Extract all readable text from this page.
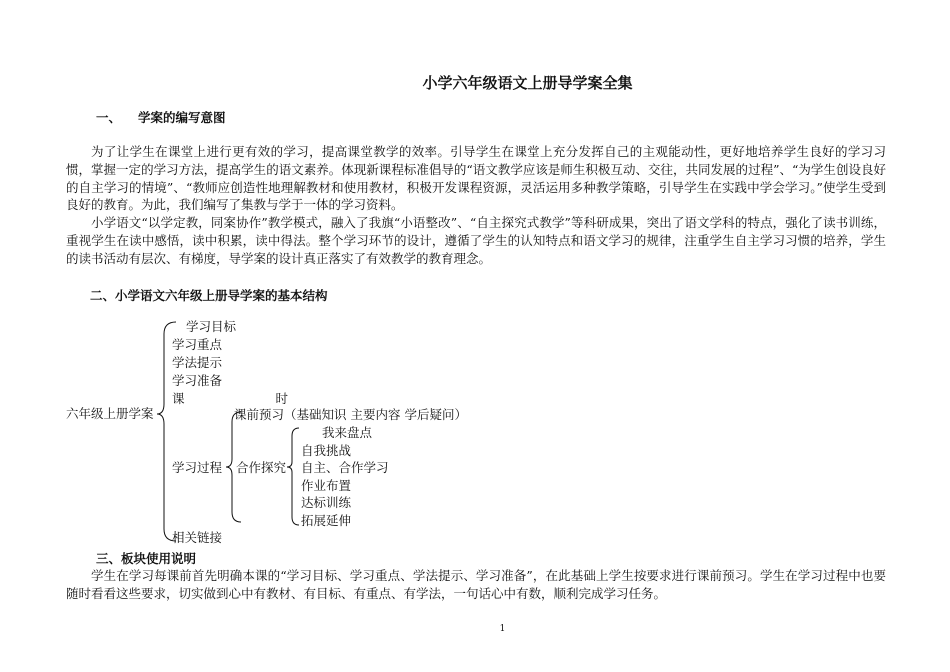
小学六年级语文上册导学案全集
一、 学案的编写意图

为了让学生在课堂上进行更有效的学习，提高课堂教学的效率。引导学生在课堂上充分发挥自己的主观能动性，更好地培养学生良好的学习习惯，掌握一定的学习方法，提高学生的语文素养。体现新课程标准倡导的“语文教学应该是师生积极互动、交往，共同发展的过程”、“为学生创设良好的自主学习的情境”、“教师应创造性地理解教材和使用教材，积极开发课程资源，灵活运用多种教学策略，引导学生在实践中学会学习。”使学生受到良好的教育。为此，我们编写了集教与学于一体的学习资料。

小学语文“以学定教，同案协作”教学模式，融入了我旗“小语整改”、“自主探究式教学”等科研成果，突出了语文学科的特点，强化了读书训练，重视学生在读中感悟，读中积累，读中得法。整个学习环节的设计，遵循了学生的认知特点和语文学习的规律，注重学生自主学习习惯的培养，学生的读书活动有层次、有梯度，导学案的设计真正落实了有效教学的教育理念。

二、小学语文六年级上册导学案的基本结构
六年级上册学案
学习目标
学习重点
学法提示
学习准备
课　　时
学习过程
课前预习（基础知识 主要内容 学后疑问）
合作探究
我来盘点
自我挑战
自主、合作学习
作业布置
达标训练
拓展延伸
相关链接
三、板块使用说明

学生在学习每课前首先明确本课的“学习目标、学习重点、学法提示、学习准备”，在此基础上学生按要求进行课前预习。学生在学习过程中也要随时看看这些要求，切实做到心中有教材、有目标、有重点、有学法，一句话心中有数，顺利完成学习任务。

1
